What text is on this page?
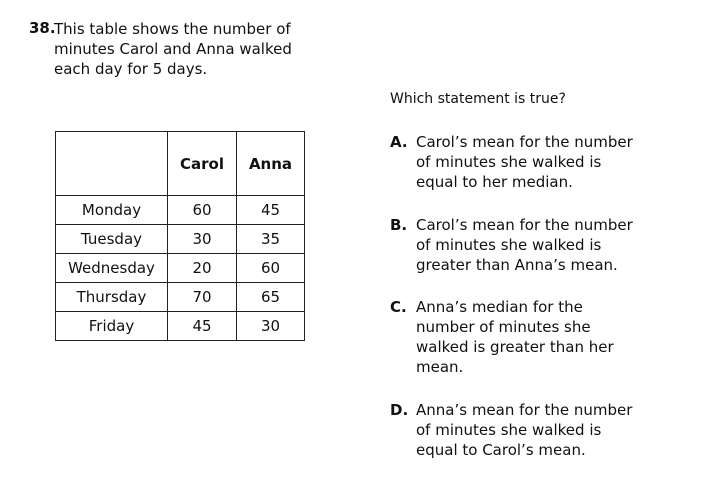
38.
This table shows the number of
minutes Carol and Anna walked
each day for 5 days.
	Carol	Anna
Monday	60	45
Tuesday	30	35
Wednesday	20	60
Thursday	70	65
Friday	45	30
Which statement is true?
A. Carol’s mean for the number
of minutes she walked is
equal to her median.
B. Carol’s mean for the number
of minutes she walked is
greater than Anna’s mean.
C. Anna’s median for the
number of minutes she
walked is greater than her
mean.
D. Anna’s mean for the number
of minutes she walked is
equal to Carol’s mean.
